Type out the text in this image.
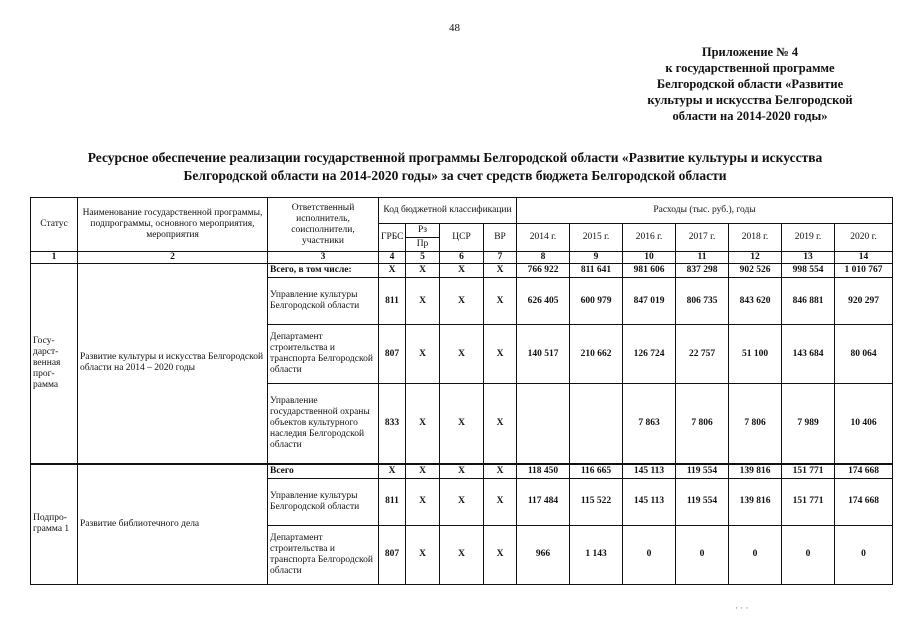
48
Приложение № 4
к государственной программе
Белгородской области «Развитие
культуры и искусства Белгородской
области на 2014-2020 годы»
Ресурсное обеспечение реализации государственной программы Белгородской области «Развитие культуры и искусства
Белгородской области на 2014-2020 годы» за счет средств бюджета Белгородской области
Статус	Наименование государственной программы, подпрограммы, основного мероприятия, мероприятия	Ответственный исполнитель, соисполнители, участники	Код бюджетной классификации				Расходы (тыс. руб.), годы						
			ГРБС	Рз	ЦСР	ВР	2014 г.	2015 г.	2016 г.	2017 г.	2018 г.	2019 г.	2020 г.
				Пр									
1	2	3	4	5	6	7	8	9	10	11	12	13	14
Госу-дарст-венная прог-рамма	Развитие культуры и искусства Белгородской области на 2014 – 2020 годы	Всего, в том числе:	X	X	X	X	766 922	811 641	981 606	837 298	902 526	998 554	1 010 767
		Управление культуры Белгородской области	811	X	X	X	626 405	600 979	847 019	806 735	843 620	846 881	920 297
		Департамент строительства и транспорта Белгородской области	807	X	X	X	140 517	210 662	126 724	22 757	51 100	143 684	80 064
		Управление государственной охраны объектов культурного наследия Белгородской области	833	X	X	X			7 863	7 806	7 806	7 989	10 406
Подпро-грамма 1	Развитие библиотечного дела	Всего	X	X	X	X	118 450	116 665	145 113	119 554	139 816	151 771	174 668
		Управление культуры Белгородской области	811	X	X	X	117 484	115 522	145 113	119 554	139 816	151 771	174 668
		Департамент строительства и транспорта Белгородской области	807	X	X	X	966	1 143	0	0	0	0	0
· · ·
